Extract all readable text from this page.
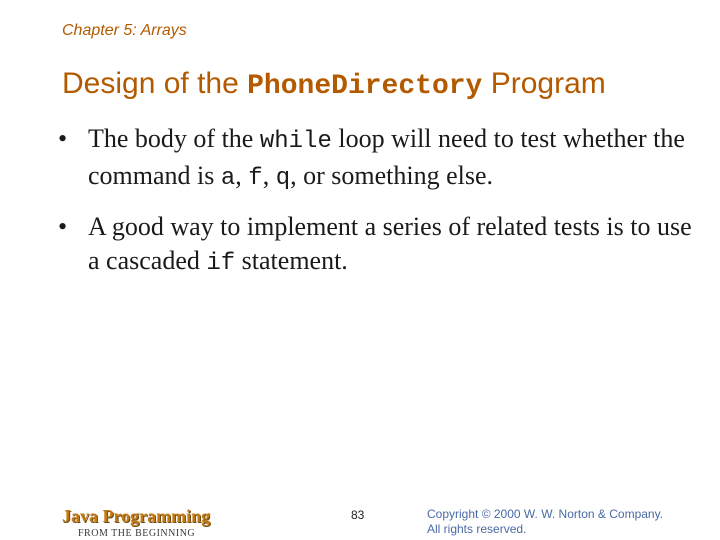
Chapter 5: Arrays
Design of the PhoneDirectory Program
• The body of the while loop will need to test whether the command is a, f, q, or something else.
• A good way to implement a series of related tests is to use a cascaded if statement.
Java Programming
FROM THE BEGINNING
83	Copyright © 2000 W. W. Norton & Company.
All rights reserved.
